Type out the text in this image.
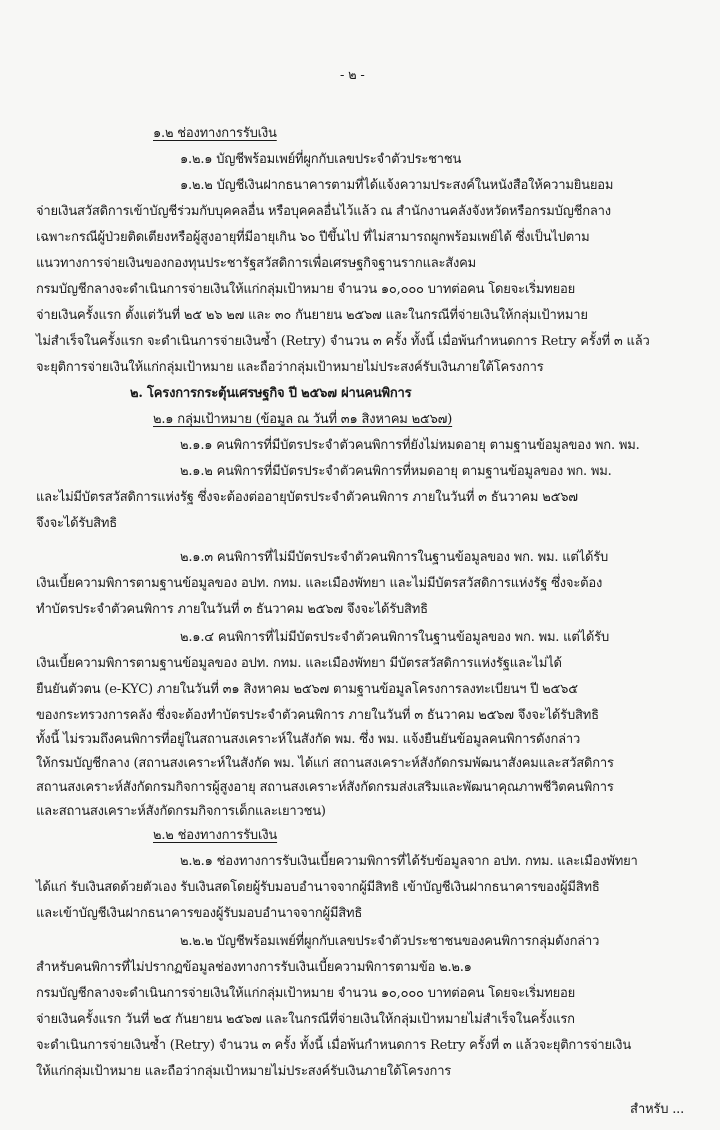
- ๒ -
๑.๒ ช่องทางการรับเงิน
๑.๒.๑ บัญชีพร้อมเพย์ที่ผูกกับเลขประจำตัวประชาชน
๑.๒.๒ บัญชีเงินฝากธนาคารตามที่ได้แจ้งความประสงค์ในหนังสือให้ความยินยอม
จ่ายเงินสวัสดิการเข้าบัญชีร่วมกับบุคคลอื่น หรือบุคคลอื่นไว้แล้ว ณ สำนักงานคลังจังหวัดหรือกรมบัญชีกลาง
เฉพาะกรณีผู้ป่วยติดเตียงหรือผู้สูงอายุที่มีอายุเกิน ๖๐ ปีขึ้นไป ที่ไม่สามารถผูกพร้อมเพย์ได้ ซึ่งเป็นไปตาม
แนวทางการจ่ายเงินของกองทุนประชารัฐสวัสดิการเพื่อเศรษฐกิจฐานรากและสังคม
กรมบัญชีกลางจะดำเนินการจ่ายเงินให้แก่กลุ่มเป้าหมาย จำนวน ๑๐,๐๐๐ บาทต่อคน โดยจะเริ่มทยอย
จ่ายเงินครั้งแรก ตั้งแต่วันที่ ๒๕ ๒๖ ๒๗ และ ๓๐ กันยายน ๒๕๖๗ และในกรณีที่จ่ายเงินให้กลุ่มเป้าหมาย
ไม่สำเร็จในครั้งแรก จะดำเนินการจ่ายเงินซ้ำ (Retry) จำนวน ๓ ครั้ง ทั้งนี้ เมื่อพ้นกำหนดการ Retry ครั้งที่ ๓ แล้ว
จะยุติการจ่ายเงินให้แก่กลุ่มเป้าหมาย และถือว่ากลุ่มเป้าหมายไม่ประสงค์รับเงินภายใต้โครงการ
๒. โครงการกระตุ้นเศรษฐกิจ ปี ๒๕๖๗ ผ่านคนพิการ
๒.๑ กลุ่มเป้าหมาย (ข้อมูล ณ วันที่ ๓๑ สิงหาคม ๒๕๖๗)
๒.๑.๑ คนพิการที่มีบัตรประจำตัวคนพิการที่ยังไม่หมดอายุ ตามฐานข้อมูลของ พก. พม.
๒.๑.๒ คนพิการที่มีบัตรประจำตัวคนพิการที่หมดอายุ ตามฐานข้อมูลของ พก. พม.
และไม่มีบัตรสวัสดิการแห่งรัฐ ซึ่งจะต้องต่ออายุบัตรประจำตัวคนพิการ ภายในวันที่ ๓ ธันวาคม ๒๕๖๗
จึงจะได้รับสิทธิ
๒.๑.๓ คนพิการที่ไม่มีบัตรประจำตัวคนพิการในฐานข้อมูลของ พก. พม. แต่ได้รับ
เงินเบี้ยความพิการตามฐานข้อมูลของ อปท. กทม. และเมืองพัทยา และไม่มีบัตรสวัสดิการแห่งรัฐ ซึ่งจะต้อง
ทำบัตรประจำตัวคนพิการ ภายในวันที่ ๓ ธันวาคม ๒๕๖๗ จึงจะได้รับสิทธิ
๒.๑.๔ คนพิการที่ไม่มีบัตรประจำตัวคนพิการในฐานข้อมูลของ พก. พม. แต่ได้รับ
เงินเบี้ยความพิการตามฐานข้อมูลของ อปท. กทม. และเมืองพัทยา มีบัตรสวัสดิการแห่งรัฐและไม่ได้
ยืนยันตัวตน (e-KYC) ภายในวันที่ ๓๑ สิงหาคม ๒๕๖๗ ตามฐานข้อมูลโครงการลงทะเบียนฯ ปี ๒๕๖๕
ของกระทรวงการคลัง ซึ่งจะต้องทำบัตรประจำตัวคนพิการ ภายในวันที่ ๓ ธันวาคม ๒๕๖๗ จึงจะได้รับสิทธิ
ทั้งนี้ ไม่รวมถึงคนพิการที่อยู่ในสถานสงเคราะห์ในสังกัด พม. ซึ่ง พม. แจ้งยืนยันข้อมูลคนพิการดังกล่าว
ให้กรมบัญชีกลาง (สถานสงเคราะห์ในสังกัด พม. ได้แก่ สถานสงเคราะห์สังกัดกรมพัฒนาสังคมและสวัสดิการ
สถานสงเคราะห์สังกัดกรมกิจการผู้สูงอายุ สถานสงเคราะห์สังกัดกรมส่งเสริมและพัฒนาคุณภาพชีวิตคนพิการ
และสถานสงเคราะห์สังกัดกรมกิจการเด็กและเยาวชน)
๒.๒ ช่องทางการรับเงิน
๒.๒.๑ ช่องทางการรับเงินเบี้ยความพิการที่ได้รับข้อมูลจาก อปท. กทม. และเมืองพัทยา
ได้แก่ รับเงินสดด้วยตัวเอง รับเงินสดโดยผู้รับมอบอำนาจจากผู้มีสิทธิ เข้าบัญชีเงินฝากธนาคารของผู้มีสิทธิ
และเข้าบัญชีเงินฝากธนาคารของผู้รับมอบอำนาจจากผู้มีสิทธิ
๒.๒.๒ บัญชีพร้อมเพย์ที่ผูกกับเลขประจำตัวประชาชนของคนพิการกลุ่มดังกล่าว
สำหรับคนพิการที่ไม่ปรากฏข้อมูลช่องทางการรับเงินเบี้ยความพิการตามข้อ ๒.๒.๑
กรมบัญชีกลางจะดำเนินการจ่ายเงินให้แก่กลุ่มเป้าหมาย จำนวน ๑๐,๐๐๐ บาทต่อคน โดยจะเริ่มทยอย
จ่ายเงินครั้งแรก วันที่ ๒๕ กันยายน ๒๕๖๗ และในกรณีที่จ่ายเงินให้กลุ่มเป้าหมายไม่สำเร็จในครั้งแรก
จะดำเนินการจ่ายเงินซ้ำ (Retry) จำนวน ๓ ครั้ง ทั้งนี้ เมื่อพ้นกำหนดการ Retry ครั้งที่ ๓ แล้วจะยุติการจ่ายเงิน
ให้แก่กลุ่มเป้าหมาย และถือว่ากลุ่มเป้าหมายไม่ประสงค์รับเงินภายใต้โครงการ
สำหรับ ...
